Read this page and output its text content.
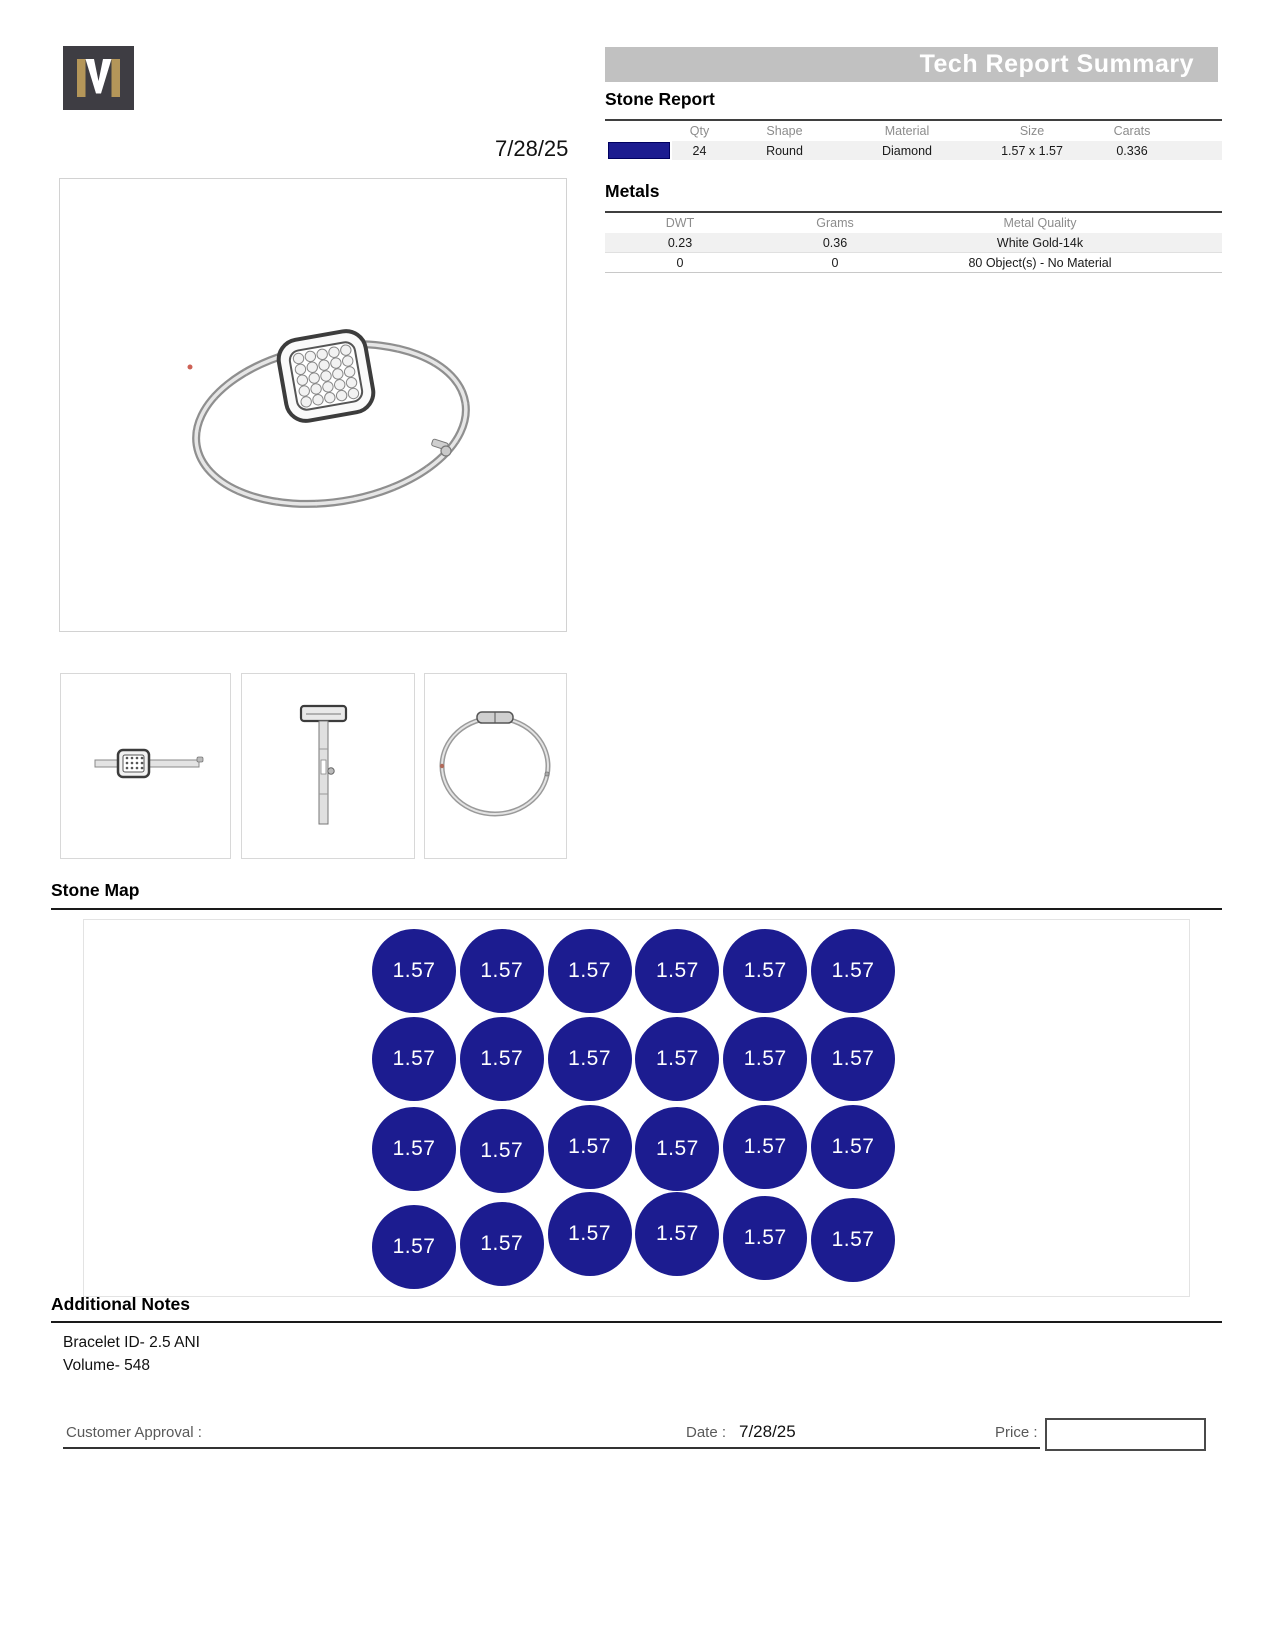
7/28/25
Tech Report Summary
Stone Report
	Qty	Shape	Material	Size	Carats	

	24	Round	Diamond	1.57 x 1.57	0.336	
Metals
DWT	Grams	Metal Quality	
0.23	0.36	White Gold-14k	
0	0	80 Object(s) - No Material	
Stone Map
1.57	1.57	1.57	1.57	1.57	1.57
1.57	1.57	1.57	1.57	1.57	1.57
1.57	1.57	1.57	1.57	1.57	1.57
1.57	1.57	1.57	1.57	1.57	1.57
Additional Notes
Bracelet ID- 2.5 ANI
Volume- 548
Customer Approval :	Date : 7/28/25	Price :
